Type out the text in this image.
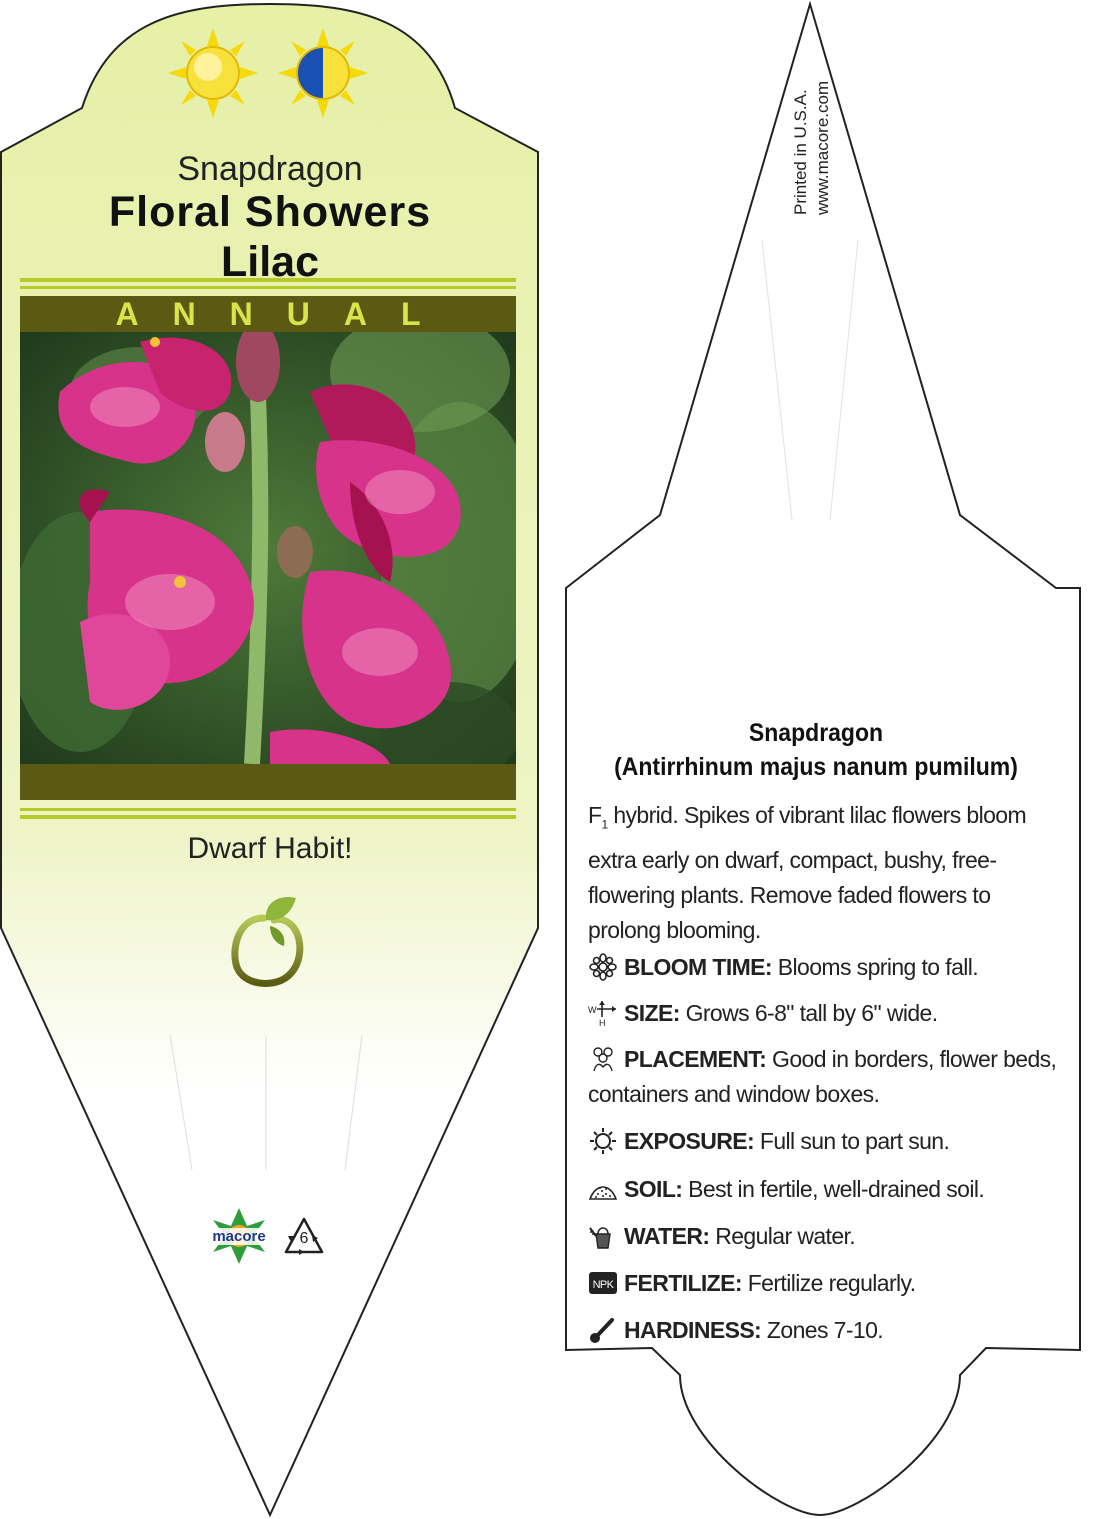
Snapdragon
Floral Showers
Lilac
ANNUAL
Dwarf Habit!
macore	6
Printed in U.S.A. www.macore.com
Snapdragon
(Antirrhinum majus nanum pumilum)
$F_1$ hybrid. Spikes of vibrant lilac flowers bloom extra early on dwarf, compact, bushy, free-flowering plants. Remove faded flowers to prolong blooming.
BLOOM TIME: Blooms spring to fall.
W
H SIZE: Grows 6-8" tall by 6" wide.
PLACEMENT: Good in borders, flower beds, containers and window boxes.
EXPOSURE: Full sun to part sun.
SOIL: Best in fertile, well-drained soil.
WATER: Regular water.
NPK FERTILIZE: Fertilize regularly.
HARDINESS: Zones 7-10.
